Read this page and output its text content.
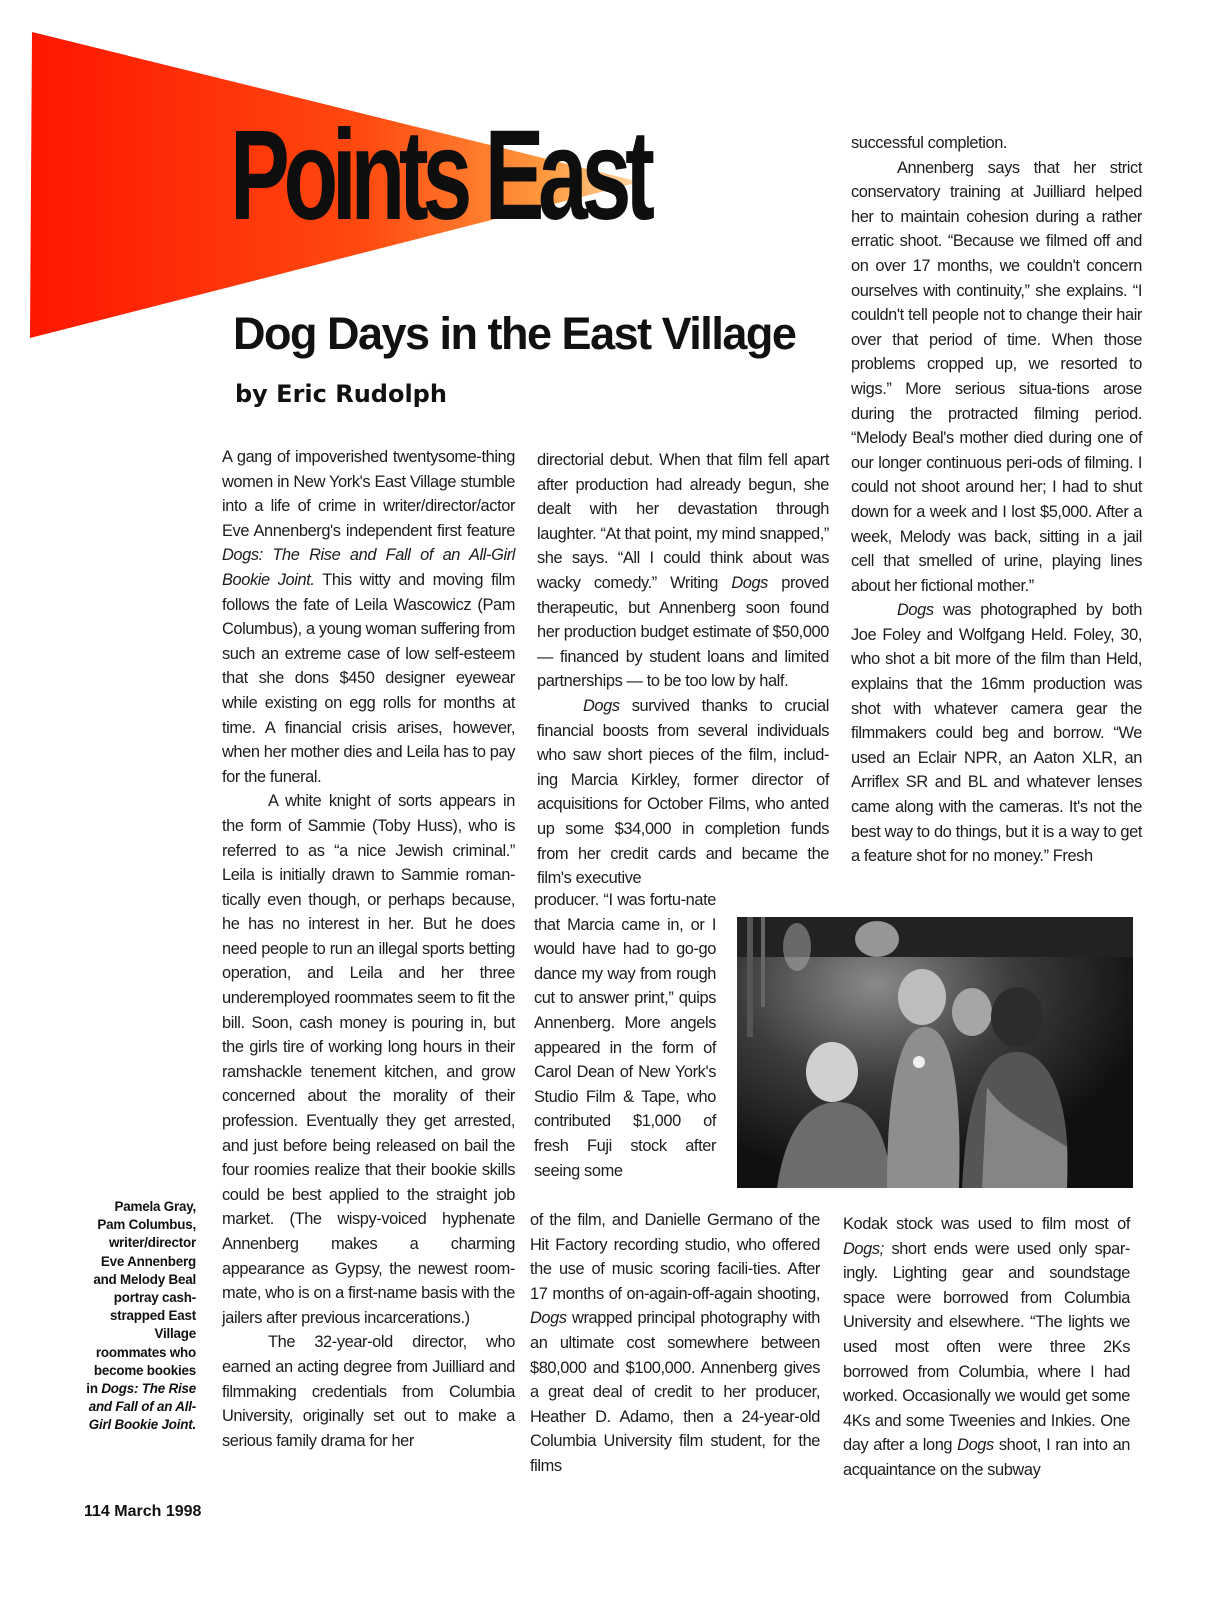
Points East
Dog Days in the East Village
by Eric Rudolph

A gang of impoverished twentysome-thing women in New York's East Village stumble into a life of crime in writer/director/actor Eve Annenberg's independent first feature Dogs: The Rise and Fall of an All-Girl Bookie Joint. This witty and moving film follows the fate of Leila Wascowicz (Pam Columbus), a young woman suffering from such an extreme case of low self-esteem that she dons $450 designer eyewear while existing on egg rolls for months at time. A financial crisis arises, however, when her mother dies and Leila has to pay for the funeral.

A white knight of sorts appears in the form of Sammie (Toby Huss), who is referred to as “a nice Jewish criminal.” Leila is initially drawn to Sammie roman-tically even though, or perhaps because, he has no interest in her. But he does need people to run an illegal sports betting operation, and Leila and her three underemployed roommates seem to fit the bill. Soon, cash money is pouring in, but the girls tire of working long hours in their ramshackle tenement kitchen, and grow concerned about the morality of their profession. Eventually they get arrested, and just before being released on bail the four roomies realize that their bookie skills could be best applied to the straight job market. (The wispy-voiced hyphenate Annenberg makes a charming appearance as Gypsy, the newest room-mate, who is on a first-name basis with the jailers after previous incarcerations.)

The 32-year-old director, who earned an acting degree from Juilliard and filmmaking credentials from Columbia University, originally set out to make a serious family drama for her

directorial debut. When that film fell apart after production had already begun, she dealt with her devastation through laughter. “At that point, my mind snapped,” she says. “All I could think about was wacky comedy.” Writing Dogs proved therapeutic, but Annenberg soon found her production budget estimate of $50,000 — financed by student loans and limited partnerships — to be too low by half.

Dogs survived thanks to crucial financial boosts from several individuals who saw short pieces of the film, includ-ing Marcia Kirkley, former director of acquisitions for October Films, who anted up some $34,000 in completion funds from her credit cards and became the film's executive

producer. “I was fortu-nate that Marcia came in, or I would have had to go-go dance my way from rough cut to answer print,” quips Annenberg. More angels appeared in the form of Carol Dean of New York's Studio Film & Tape, who contributed $1,000 of fresh Fuji stock after seeing some

of the film, and Danielle Germano of the Hit Factory recording studio, who offered the use of music scoring facili-ties. After 17 months of on-again-off-again shooting, Dogs wrapped principal photography with an ultimate cost somewhere between $80,000 and $100,000. Annenberg gives a great deal of credit to her producer, Heather D. Adamo, then a 24-year-old Columbia University film student, for the films

successful completion.

Annenberg says that her strict conservatory training at Juilliard helped her to maintain cohesion during a rather erratic shoot. “Because we filmed off and on over 17 months, we couldn't concern ourselves with continuity,” she explains. “I couldn't tell people not to change their hair over that period of time. When those problems cropped up, we resorted to wigs.” More serious situa-tions arose during the protracted filming period. “Melody Beal's mother died during one of our longer continuous peri-ods of filming. I could not shoot around her; I had to shut down for a week and I lost $5,000. After a week, Melody was back, sitting in a jail cell that smelled of urine, playing lines about her fictional mother.”

Dogs was photographed by both Joe Foley and Wolfgang Held. Foley, 30, who shot a bit more of the film than Held, explains that the 16mm production was shot with whatever camera gear the filmmakers could beg and borrow. “We used an Eclair NPR, an Aaton XLR, an Arriflex SR and BL and whatever lenses came along with the cameras. It's not the best way to do things, but it is a way to get a feature shot for no money.” Fresh

Kodak stock was used to film most of Dogs; short ends were used only spar-ingly. Lighting gear and soundstage space were borrowed from Columbia University and elsewhere. “The lights we used most often were three 2Ks borrowed from Columbia, where I had worked. Occasionally we would get some 4Ks and some Tweenies and Inkies. One day after a long Dogs shoot, I ran into an acquaintance on the subway

Pamela Gray, Pam Columbus, writer/director Eve Annenberg and Melody Beal portray cash-strapped East Village roommates who become bookies in Dogs: The Rise and Fall of an All-Girl Bookie Joint.
114 March 1998
